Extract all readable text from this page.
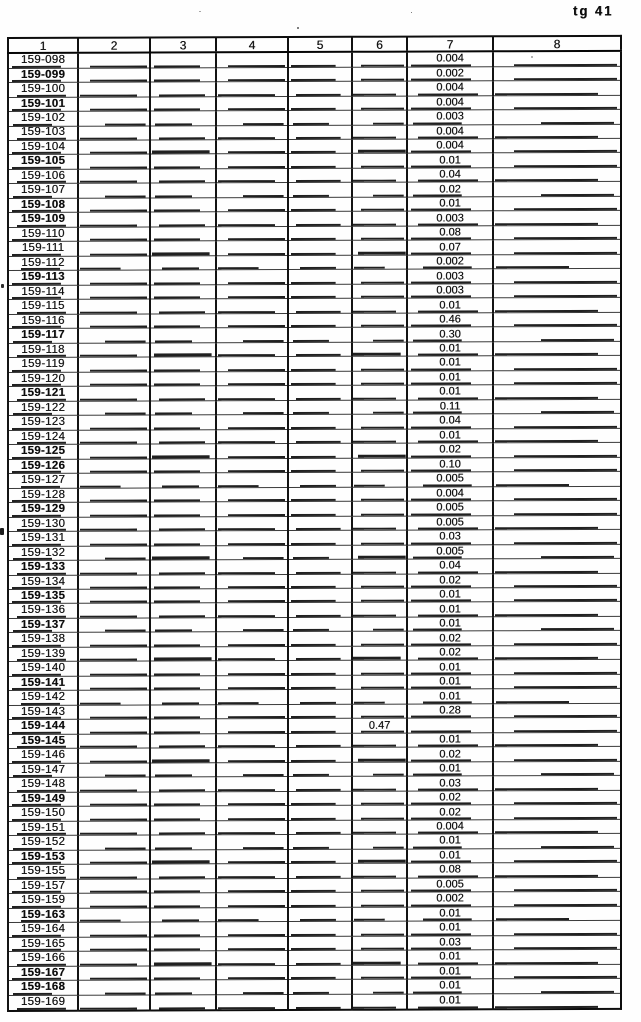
tg 41
1	2	3	4	5	6	7	8
159-098						0.004	
159-099						0.002	
159-100						0.004	
159-101						0.004	
159-102						0.003	
159-103						0.004	
159-104						0.004	
159-105						0.01	
159-106						0.04	
159-107						0.02	
159-108						0.01	
159-109						0.003	
159-110						0.08	
159-111						0.07	
159-112						0.002	
159-113						0.003	
159-114						0.003	
159-115						0.01	
159-116						0.46	
159-117						0.30	
159-118						0.01	
159-119						0.01	
159-120						0.01	
159-121						0.01	
159-122						0.11	
159-123						0.04	
159-124						0.01	
159-125						0.02	
159-126						0.10	
159-127						0.005	
159-128						0.004	
159-129						0.005	
159-130						0.005	
159-131						0.03	
159-132						0.005	
159-133						0.04	
159-134						0.02	
159-135						0.01	
159-136						0.01	
159-137						0.01	
159-138						0.02	
159-139						0.02	
159-140						0.01	
159-141						0.01	
159-142						0.01	
159-143						0.28	
159-144					0.47		
159-145						0.01	
159-146						0.02	
159-147						0.01	
159-148						0.03	
159-149						0.02	
159-150						0.02	
159-151						0.004	
159-152						0.01	
159-153						0.01	
159-155						0.08	
159-157						0.005	
159-159						0.002	
159-163						0.01	
159-164						0.01	
159-165						0.03	
159-166						0.01	
159-167						0.01	
159-168						0.01	
159-169						0.01	
